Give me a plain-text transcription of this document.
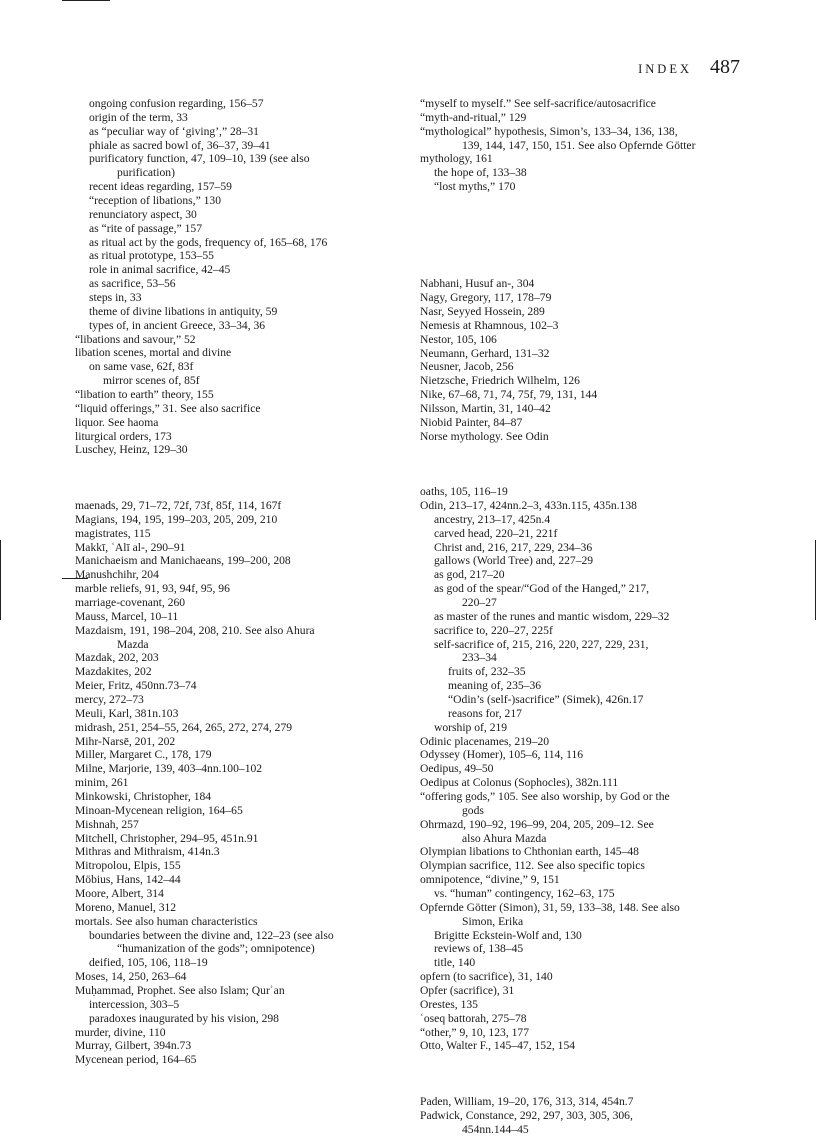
INDEX 487
ongoing confusion regarding, 156–57
origin of the term, 33
as “peculiar way of ‘giving’,” 28–31
phiale as sacred bowl of, 36–37, 39–41
purificatory function, 47, 109–10, 139 (see also
purification)
recent ideas regarding, 157–59
“reception of libations,” 130
renunciatory aspect, 30
as “rite of passage,” 157
as ritual act by the gods, frequency of, 165–68, 176
as ritual prototype, 153–55
role in animal sacrifice, 42–45
as sacrifice, 53–56
steps in, 33
theme of divine libations in antiquity, 59
types of, in ancient Greece, 33–34, 36
“libations and savour,” 52
libation scenes, mortal and divine
on same vase, 62f, 83f
mirror scenes of, 85f
“libation to earth” theory, 155
“liquid offerings,” 31. See also sacrifice
liquor. See haoma
liturgical orders, 173
Luschey, Heinz, 129–30
maenads, 29, 71–72, 72f, 73f, 85f, 114, 167f
Magians, 194, 195, 199–203, 205, 209, 210
magistrates, 115
Makkī, ʿAlī al-, 290–91
Manichaeism and Manichaeans, 199–200, 208
Manushchihr, 204
marble reliefs, 91, 93, 94f, 95, 96
marriage-covenant, 260
Mauss, Marcel, 10–11
Mazdaism, 191, 198–204, 208, 210. See also Ahura
Mazda
Mazdak, 202, 203
Mazdakites, 202
Meier, Fritz, 450nn.73–74
mercy, 272–73
Meuli, Karl, 381n.103
midrash, 251, 254–55, 264, 265, 272, 274, 279
Mihr-Narsē, 201, 202
Miller, Margaret C., 178, 179
Milne, Marjorie, 139, 403–4nn.100–102
minim, 261
Minkowski, Christopher, 184
Minoan-Mycenean religion, 164–65
Mishnah, 257
Mitchell, Christopher, 294–95, 451n.91
Mithras and Mithraism, 414n.3
Mitropolou, Elpis, 155
Möbius, Hans, 142–44
Moore, Albert, 314
Moreno, Manuel, 312
mortals. See also human characteristics
boundaries between the divine and, 122–23 (see also
“humanization of the gods”; omnipotence)
deified, 105, 106, 118–19
Moses, 14, 250, 263–64
Muḥammad, Prophet. See also Islam; Qurʾan
intercession, 303–5
paradoxes inaugurated by his vision, 298
murder, divine, 110
Murray, Gilbert, 394n.73
Mycenean period, 164–65
“myself to myself.” See self-sacrifice/autosacrifice
“myth-and-ritual,” 129
“mythological” hypothesis, Simon’s, 133–34, 136, 138,
139, 144, 147, 150, 151. See also Opfernde Götter
mythology, 161
the hope of, 133–38
“lost myths,” 170
Nabhani, Husuf an-, 304
Nagy, Gregory, 117, 178–79
Nasr, Seyyed Hossein, 289
Nemesis at Rhamnous, 102–3
Nestor, 105, 106
Neumann, Gerhard, 131–32
Neusner, Jacob, 256
Nietzsche, Friedrich Wilhelm, 126
Nike, 67–68, 71, 74, 75f, 79, 131, 144
Nilsson, Martin, 31, 140–42
Niobid Painter, 84–87
Norse mythology. See Odin
oaths, 105, 116–19
Odin, 213–17, 424nn.2–3, 433n.115, 435n.138
ancestry, 213–17, 425n.4
carved head, 220–21, 221f
Christ and, 216, 217, 229, 234–36
gallows (World Tree) and, 227–29
as god, 217–20
as god of the spear/“God of the Hanged,” 217,
220–27
as master of the runes and mantic wisdom, 229–32
sacrifice to, 220–27, 225f
self-sacrifice of, 215, 216, 220, 227, 229, 231,
233–34
fruits of, 232–35
meaning of, 235–36
“Odin’s (self-)sacrifice” (Simek), 426n.17
reasons for, 217
worship of, 219
Odinic placenames, 219–20
Odyssey (Homer), 105–6, 114, 116
Oedipus, 49–50
Oedipus at Colonus (Sophocles), 382n.111
“offering gods,” 105. See also worship, by God or the
gods
Ohrmazd, 190–92, 196–99, 204, 205, 209–12. See
also Ahura Mazda
Olympian libations to Chthonian earth, 145–48
Olympian sacrifice, 112. See also specific topics
omnipotence, “divine,” 9, 151
vs. “human” contingency, 162–63, 175
Opfernde Götter (Simon), 31, 59, 133–38, 148. See also
Simon, Erika
Brigitte Eckstein-Wolf and, 130
reviews of, 138–45
title, 140
opfern (to sacrifice), 31, 140
Opfer (sacrifice), 31
Orestes, 135
ʿoseq battorah, 275–78
“other,” 9, 10, 123, 177
Otto, Walter F., 145–47, 152, 154
Paden, William, 19–20, 176, 313, 314, 454n.7
Padwick, Constance, 292, 297, 303, 305, 306,
454nn.144–45
